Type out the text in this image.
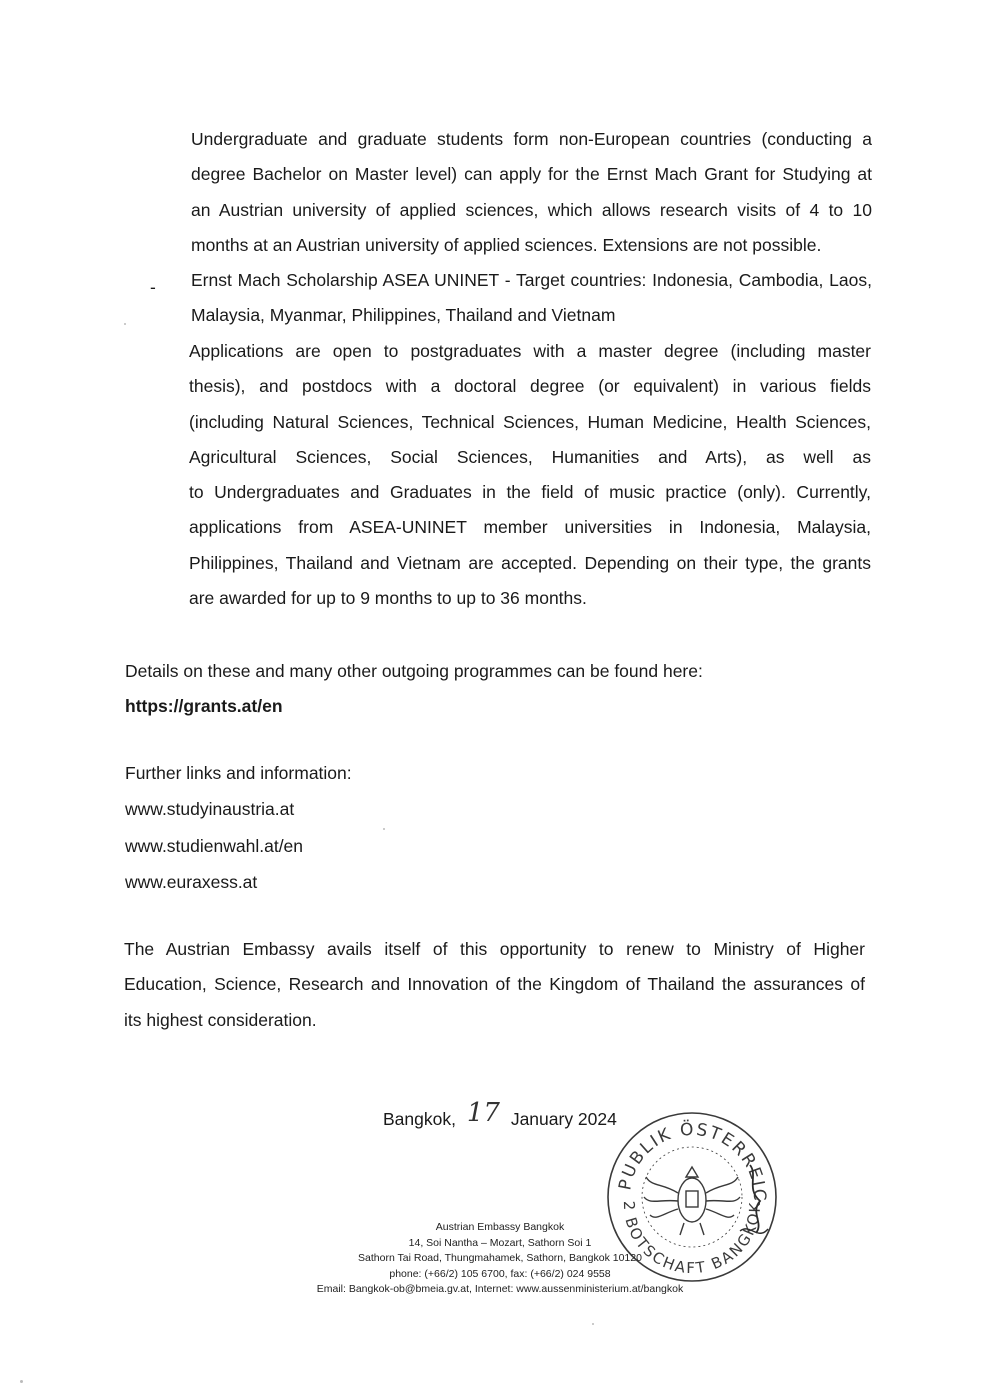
Undergraduate and graduate students form non-European countries (conducting a
degree Bachelor on Master level) can apply for the Ernst Mach Grant for Studying at
an Austrian university of applied sciences, which allows research visits of 4 to 10
months at an Austrian university of applied sciences. Extensions are not possible.
- Ernst Mach Scholarship ASEA UNINET - Target countries: Indonesia, Cambodia, Laos,
Malaysia, Myanmar, Philippines, Thailand and Vietnam
Applications are open to postgraduates with a master degree (including master
thesis), and postdocs with a doctoral degree (or equivalent) in various fields
(including Natural Sciences, Technical Sciences, Human Medicine, Health Sciences,
Agricultural Sciences, Social Sciences, Humanities and Arts), as well as
to Undergraduates and Graduates in the field of music practice (only). Currently,
applications from ASEA-UNINET member universities in Indonesia, Malaysia,
Philippines, Thailand and Vietnam are accepted. Depending on their type, the grants
are awarded for up to 9 months to up to 36 months.
Details on these and many other outgoing programmes can be found here:
https://grants.at/en
Further links and information:
www.studyinaustria.at
www.studienwahl.at/en
www.euraxess.at
The Austrian Embassy avails itself of this opportunity to renew to Ministry of Higher
Education, Science, Research and Innovation of the Kingdom of Thailand the assurances of
its highest consideration.
Bangkok, 17 January 2024
PUBLIK ÖSTERREIC
2 BOTSCHAFT BANGKOK
Austrian Embassy Bangkok
14, Soi Nantha – Mozart, Sathorn Soi 1
Sathorn Tai Road, Thungmahamek, Sathorn, Bangkok 10120
phone: (+66/2) 105 6700, fax: (+66/2) 024 9558
Email: Bangkok-ob@bmeia.gv.at, Internet: www.aussenministerium.at/bangkok
